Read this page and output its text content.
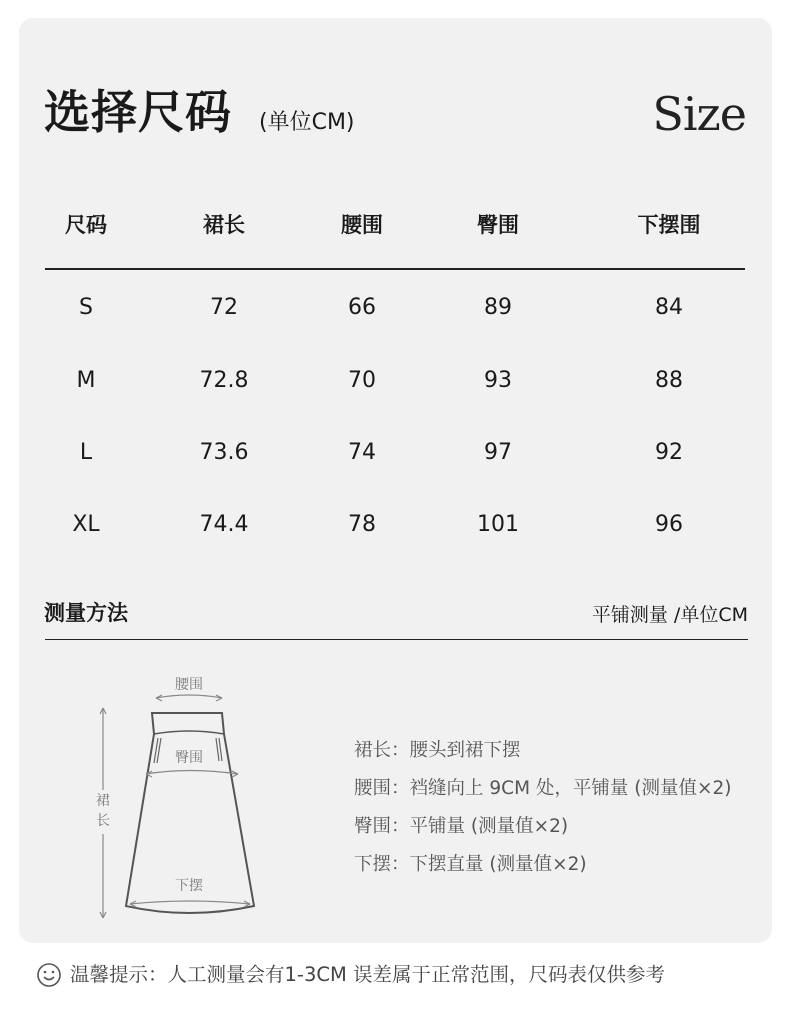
选择尺码 (单位CM)	Size
尺码	裙长	腰围	臀围	下摆围
S	72	66	89	84
M	72.8	70	93	88
L	73.6	74	97	92
XL	74.4	78	101	96
测量方法	平铺测量 /单位CM
腰围
臀围
裙
长
下摆
裙长：腰头到裙下摆
腰围：裆缝向上 9CM 处，平铺量 (测量值×2)
臀围：平铺量 (测量值×2)
下摆：下摆直量 (测量值×2)
温馨提示：人工测量会有1-3CM 误差属于正常范围，尺码表仅供参考
